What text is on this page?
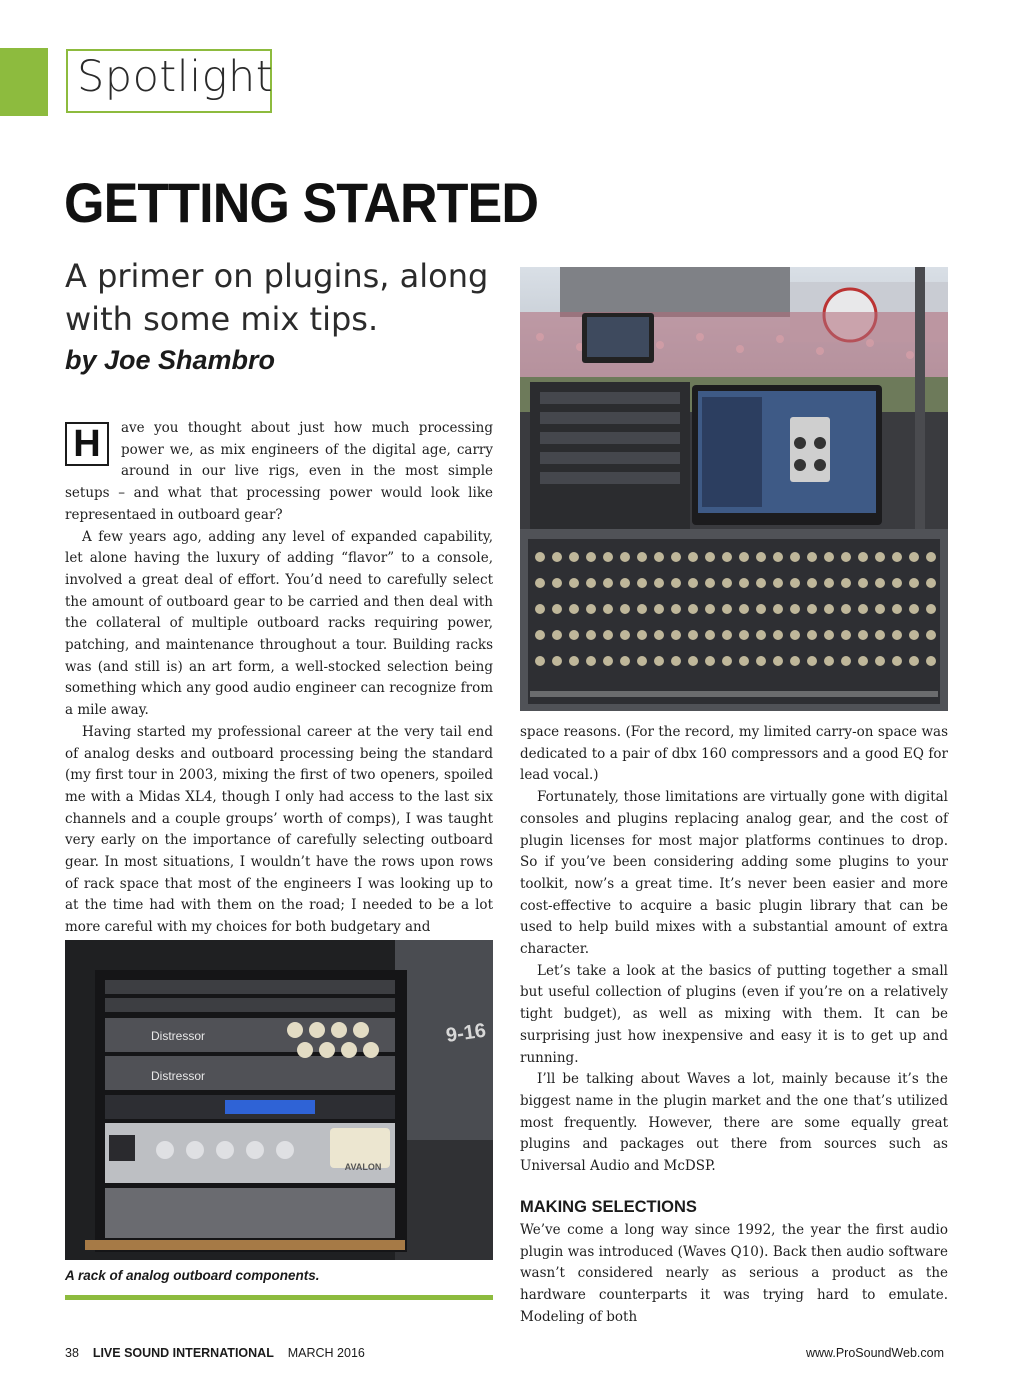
Spotlight
GETTING STARTED
A primer on plugins, along with some mix tips.
by Joe Shambro

H	ave you thought about just how much processing power we, as mix engineers of the digital age, carry around in our live rigs, even in the most simple setups – and what that processing power would look like representaed in outboard gear?

A few years ago, adding any level of expanded capability, let alone having the luxury of adding “flavor” to a console, involved a great deal of effort. You’d need to carefully select the amount of outboard gear to be carried and then deal with the collateral of multiple outboard racks requiring power, patching, and maintenance throughout a tour. Building racks was (and still is) an art form, a well-stocked selection being something which any good audio engineer can recognize from a mile away.

Having started my professional career at the very tail end of analog desks and outboard processing being the standard (my first tour in 2003, mixing the first of two openers, spoiled me with a Midas XL4, though I only had access to the last six channels and a couple groups’ worth of comps), I was taught very early on the importance of carefully selecting outboard gear. In most situations, I wouldn’t have the rows upon rows of rack space that most of the engineers I was looking up to at the time had with them on the road; I needed to be a lot more careful with my choices for both budgetary and

space reasons. (For the record, my limited carry-on space was dedicated to a pair of dbx 160 compressors and a good EQ for lead vocal.)

Fortunately, those limitations are virtually gone with digital consoles and plugins replacing analog gear, and the cost of plugin licenses for most major platforms continues to drop. So if you’ve been considering adding some plugins to your toolkit, now’s a great time. It’s never been easier and more cost-effective to acquire a basic plugin library that can be used to help build mixes with a substantial amount of extra character.

Let’s take a look at the basics of putting together a small but useful collection of plugins (even if you’re on a relatively tight budget), as well as mixing with them. It can be surprising just how inexpensive and easy it is to get up and running.

I’ll be talking about Waves a lot, mainly because it’s the biggest name in the plugin market and the one that’s utilized most frequently. However, there are some equally great plugins and packages out there from sources such as Universal Audio and McDSP.

MAKING SELECTIONS

We’ve come a long way since 1992, the year the first audio plugin was introduced (Waves Q10). Back then audio software wasn’t considered nearly as serious a product as the hardware counterparts it was trying hard to emulate. Modeling of both

9-16
Distressor
Distressor
AVALON
A rack of analog outboard components.
38 LIVE SOUND INTERNATIONAL MARCH 2016	www.ProSoundWeb.com
